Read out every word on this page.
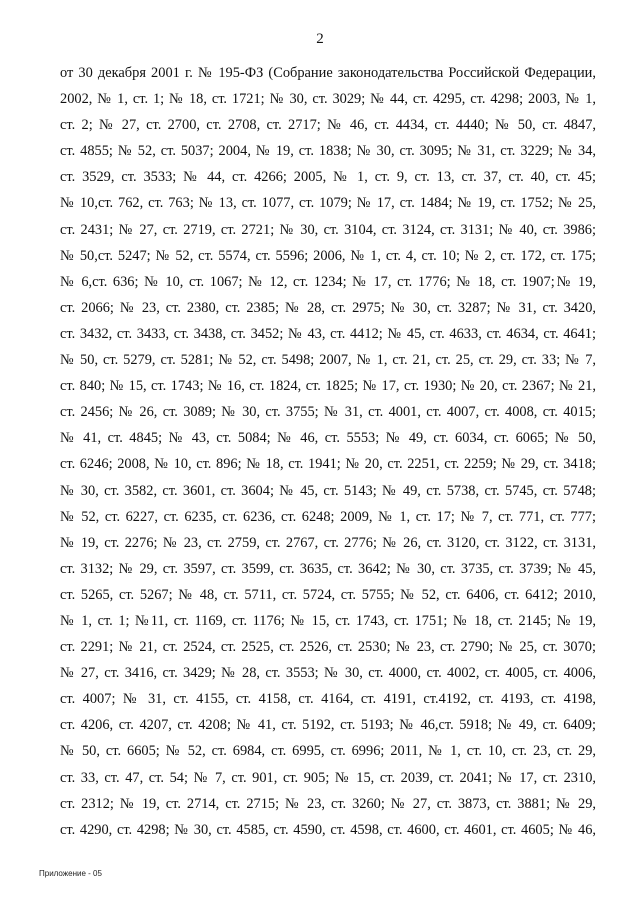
2
от 30 декабря 2001 г. № 195-ФЗ (Собрание законодательства Российской Федерации,
2002, № 1, ст. 1; № 18, ст. 1721; № 30, ст. 3029; № 44, ст. 4295, ст. 4298; 2003, № 1,
ст. 2; № 27, ст. 2700, ст. 2708, ст. 2717; № 46, ст. 4434, ст. 4440; № 50, ст. 4847,
ст. 4855; № 52, ст. 5037; 2004, № 19, ст. 1838; № 30, ст. 3095; № 31, ст. 3229; № 34,
ст. 3529, ст. 3533; № 44, ст. 4266; 2005, № 1, ст. 9, ст. 13, ст. 37, ст. 40, ст. 45;
№ 10,ст. 762, ст. 763; № 13, ст. 1077, ст. 1079; № 17, ст. 1484; № 19, ст. 1752; № 25,
ст. 2431; № 27, ст. 2719, ст. 2721; № 30, ст. 3104, ст. 3124, ст. 3131; № 40, ст. 3986;
№ 50,ст. 5247; № 52, ст. 5574, ст. 5596; 2006, № 1, ст. 4, ст. 10; № 2, ст. 172, ст. 175;
№ 6,ст. 636; № 10, ст. 1067; № 12, ст. 1234; № 17, ст. 1776; № 18, ст. 1907;№ 19,
ст. 2066; № 23, ст. 2380, ст. 2385; № 28, ст. 2975; № 30, ст. 3287; № 31, ст. 3420,
ст. 3432, ст. 3433, ст. 3438, ст. 3452; № 43, ст. 4412; № 45, ст. 4633, ст. 4634, ст. 4641;
№ 50, ст. 5279, ст. 5281; № 52, ст. 5498; 2007, № 1, ст. 21, ст. 25, ст. 29, ст. 33; № 7,
ст. 840; № 15, ст. 1743; № 16, ст. 1824, ст. 1825; № 17, ст. 1930; № 20, ст. 2367; № 21,
ст. 2456; № 26, ст. 3089; № 30, ст. 3755; № 31, ст. 4001, ст. 4007, ст. 4008, ст. 4015;
№ 41, ст. 4845; № 43, ст. 5084; № 46, ст. 5553; № 49, ст. 6034, ст. 6065; № 50,
ст. 6246; 2008, № 10, ст. 896; № 18, ст. 1941; № 20, ст. 2251, ст. 2259; № 29, ст. 3418;
№ 30, ст. 3582, ст. 3601, ст. 3604; № 45, ст. 5143; № 49, ст. 5738, ст. 5745, ст. 5748;
№ 52, ст. 6227, ст. 6235, ст. 6236, ст. 6248; 2009, № 1, ст. 17; № 7, ст. 771, ст. 777;
№ 19, ст. 2276; № 23, ст. 2759, ст. 2767, ст. 2776; № 26, ст. 3120, ст. 3122, ст. 3131,
ст. 3132; № 29, ст. 3597, ст. 3599, ст. 3635, ст. 3642; № 30, ст. 3735, ст. 3739; № 45,
ст. 5265, ст. 5267; № 48, ст. 5711, ст. 5724, ст. 5755; № 52, ст. 6406, ст. 6412; 2010,
№ 1, ст. 1; №11, ст. 1169, ст. 1176; № 15, ст. 1743, ст. 1751; № 18, ст. 2145; № 19,
ст. 2291; № 21, ст. 2524, ст. 2525, ст. 2526, ст. 2530; № 23, ст. 2790; № 25, ст. 3070;
№ 27, ст. 3416, ст. 3429; № 28, ст. 3553; № 30, ст. 4000, ст. 4002, ст. 4005, ст. 4006,
ст. 4007; № 31, ст. 4155, ст. 4158, ст. 4164, ст. 4191, ст.4192, ст. 4193, ст. 4198,
ст. 4206, ст. 4207, ст. 4208; № 41, ст. 5192, ст. 5193; № 46,ст. 5918; № 49, ст. 6409;
№ 50, ст. 6605; № 52, ст. 6984, ст. 6995, ст. 6996; 2011, № 1, ст. 10, ст. 23, ст. 29,
ст. 33, ст. 47, ст. 54; № 7, ст. 901, ст. 905; № 15, ст. 2039, ст. 2041; № 17, ст. 2310,
ст. 2312; № 19, ст. 2714, ст. 2715; № 23, ст. 3260; № 27, ст. 3873, ст. 3881; № 29,
ст. 4290, ст. 4298; № 30, ст. 4585, ст. 4590, ст. 4598, ст. 4600, ст. 4601, ст. 4605; № 46,
Приложение - 05
